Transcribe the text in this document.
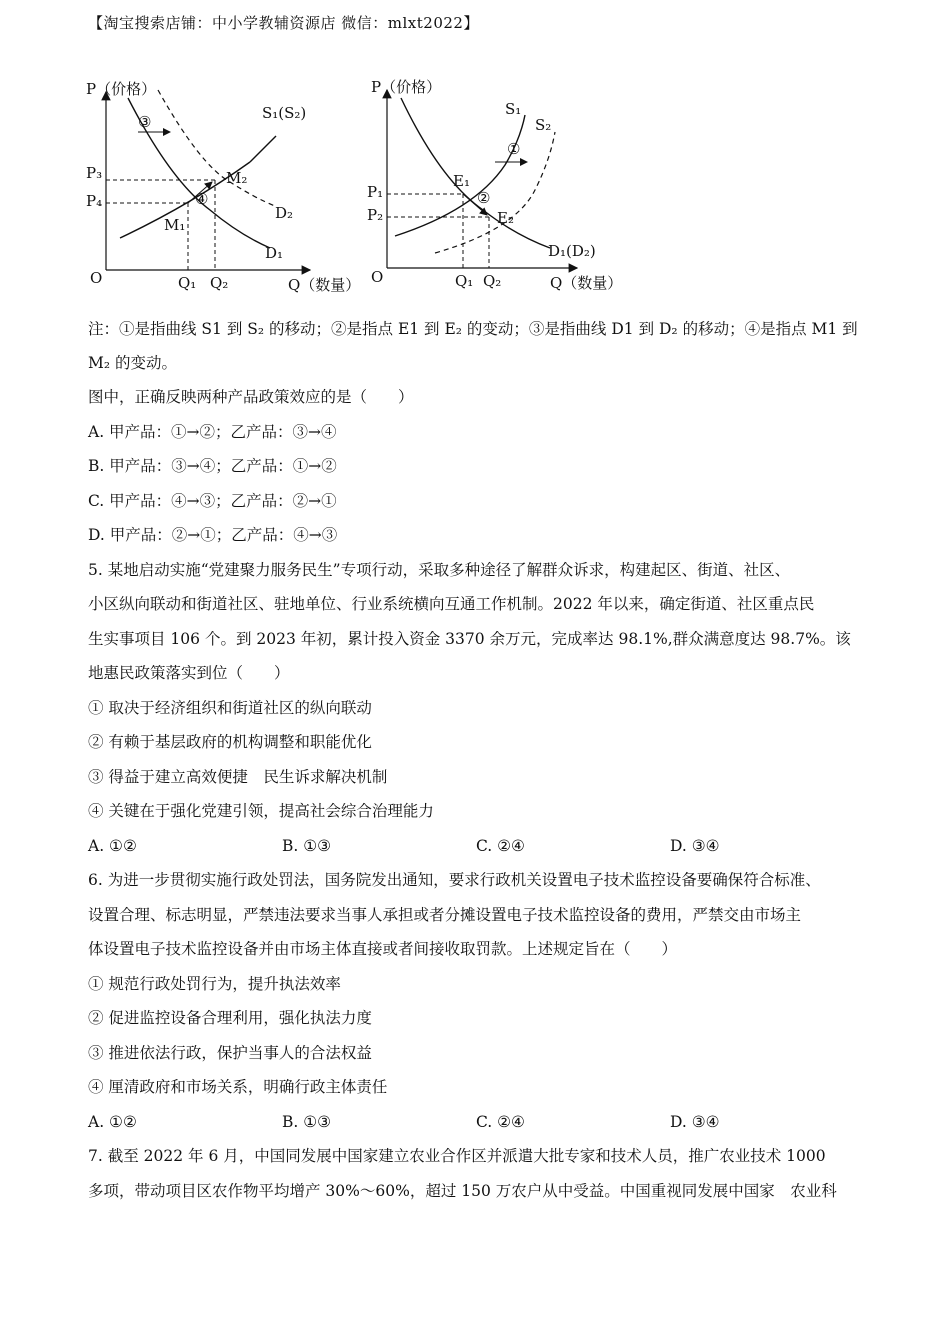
【淘宝搜索店铺：中小学教辅资源店 微信：mlxt2022】
P（价格）
Q（数量）
O
S₁(S₂)
D₁
D₂
M₂
M₁
P₃
P₄
Q₁ Q₂
③
④
P（价格）
Q（数量）
O
S₁
S₂
D₁(D₂)
E₁
E₂
P₁
P₂
Q₁ Q₂
①
②
注：①是指曲线 S1 到 S₂ 的移动；②是指点 E1 到 E₂ 的变动；③是指曲线 D1 到 D₂ 的移动；④是指点 M1 到
M₂ 的变动。
图中，正确反映两种产品政策效应的是（　　）
A. 甲产品：①→②；乙产品：③→④
B. 甲产品：③→④；乙产品：①→②
C. 甲产品：④→③；乙产品：②→①
D. 甲产品：②→①；乙产品：④→③
5. 某地启动实施“党建聚力服务民生”专项行动，采取多种途径了解群众诉求，构建起区、街道、社区、
小区纵向联动和街道社区、驻地单位、行业系统横向互通工作机制。2022 年以来，确定街道、社区重点民
生实事项目 106 个。到 2023 年初，累计投入资金 3370 余万元，完成率达 98.1%,群众满意度达 98.7%。该
地惠民政策落实到位（　　）
① 取决于经济组织和街道社区的纵向联动
② 有赖于基层政府的机构调整和职能优化
③ 得益于建立高效便捷　民生诉求解决机制
④ 关键在于强化党建引领，提高社会综合治理能力
A. ①②	B. ①③	C. ②④	D. ③④
6. 为进一步贯彻实施行政处罚法，国务院发出通知，要求行政机关设置电子技术监控设备要确保符合标准、
设置合理、标志明显，严禁违法要求当事人承担或者分摊设置电子技术监控设备的费用，严禁交由市场主
体设置电子技术监控设备并由市场主体直接或者间接收取罚款。上述规定旨在（　　）
① 规范行政处罚行为，提升执法效率
② 促进监控设备合理利用，强化执法力度
③ 推进依法行政，保护当事人的合法权益
④ 厘清政府和市场关系，明确行政主体责任
A. ①②	B. ①③	C. ②④	D. ③④
7. 截至 2022 年 6 月，中国同发展中国家建立农业合作区并派遣大批专家和技术人员，推广农业技术 1000
多项，带动项目区农作物平均增产 30%～60%，超过 150 万农户从中受益。中国重视同发展中国家　农业科
